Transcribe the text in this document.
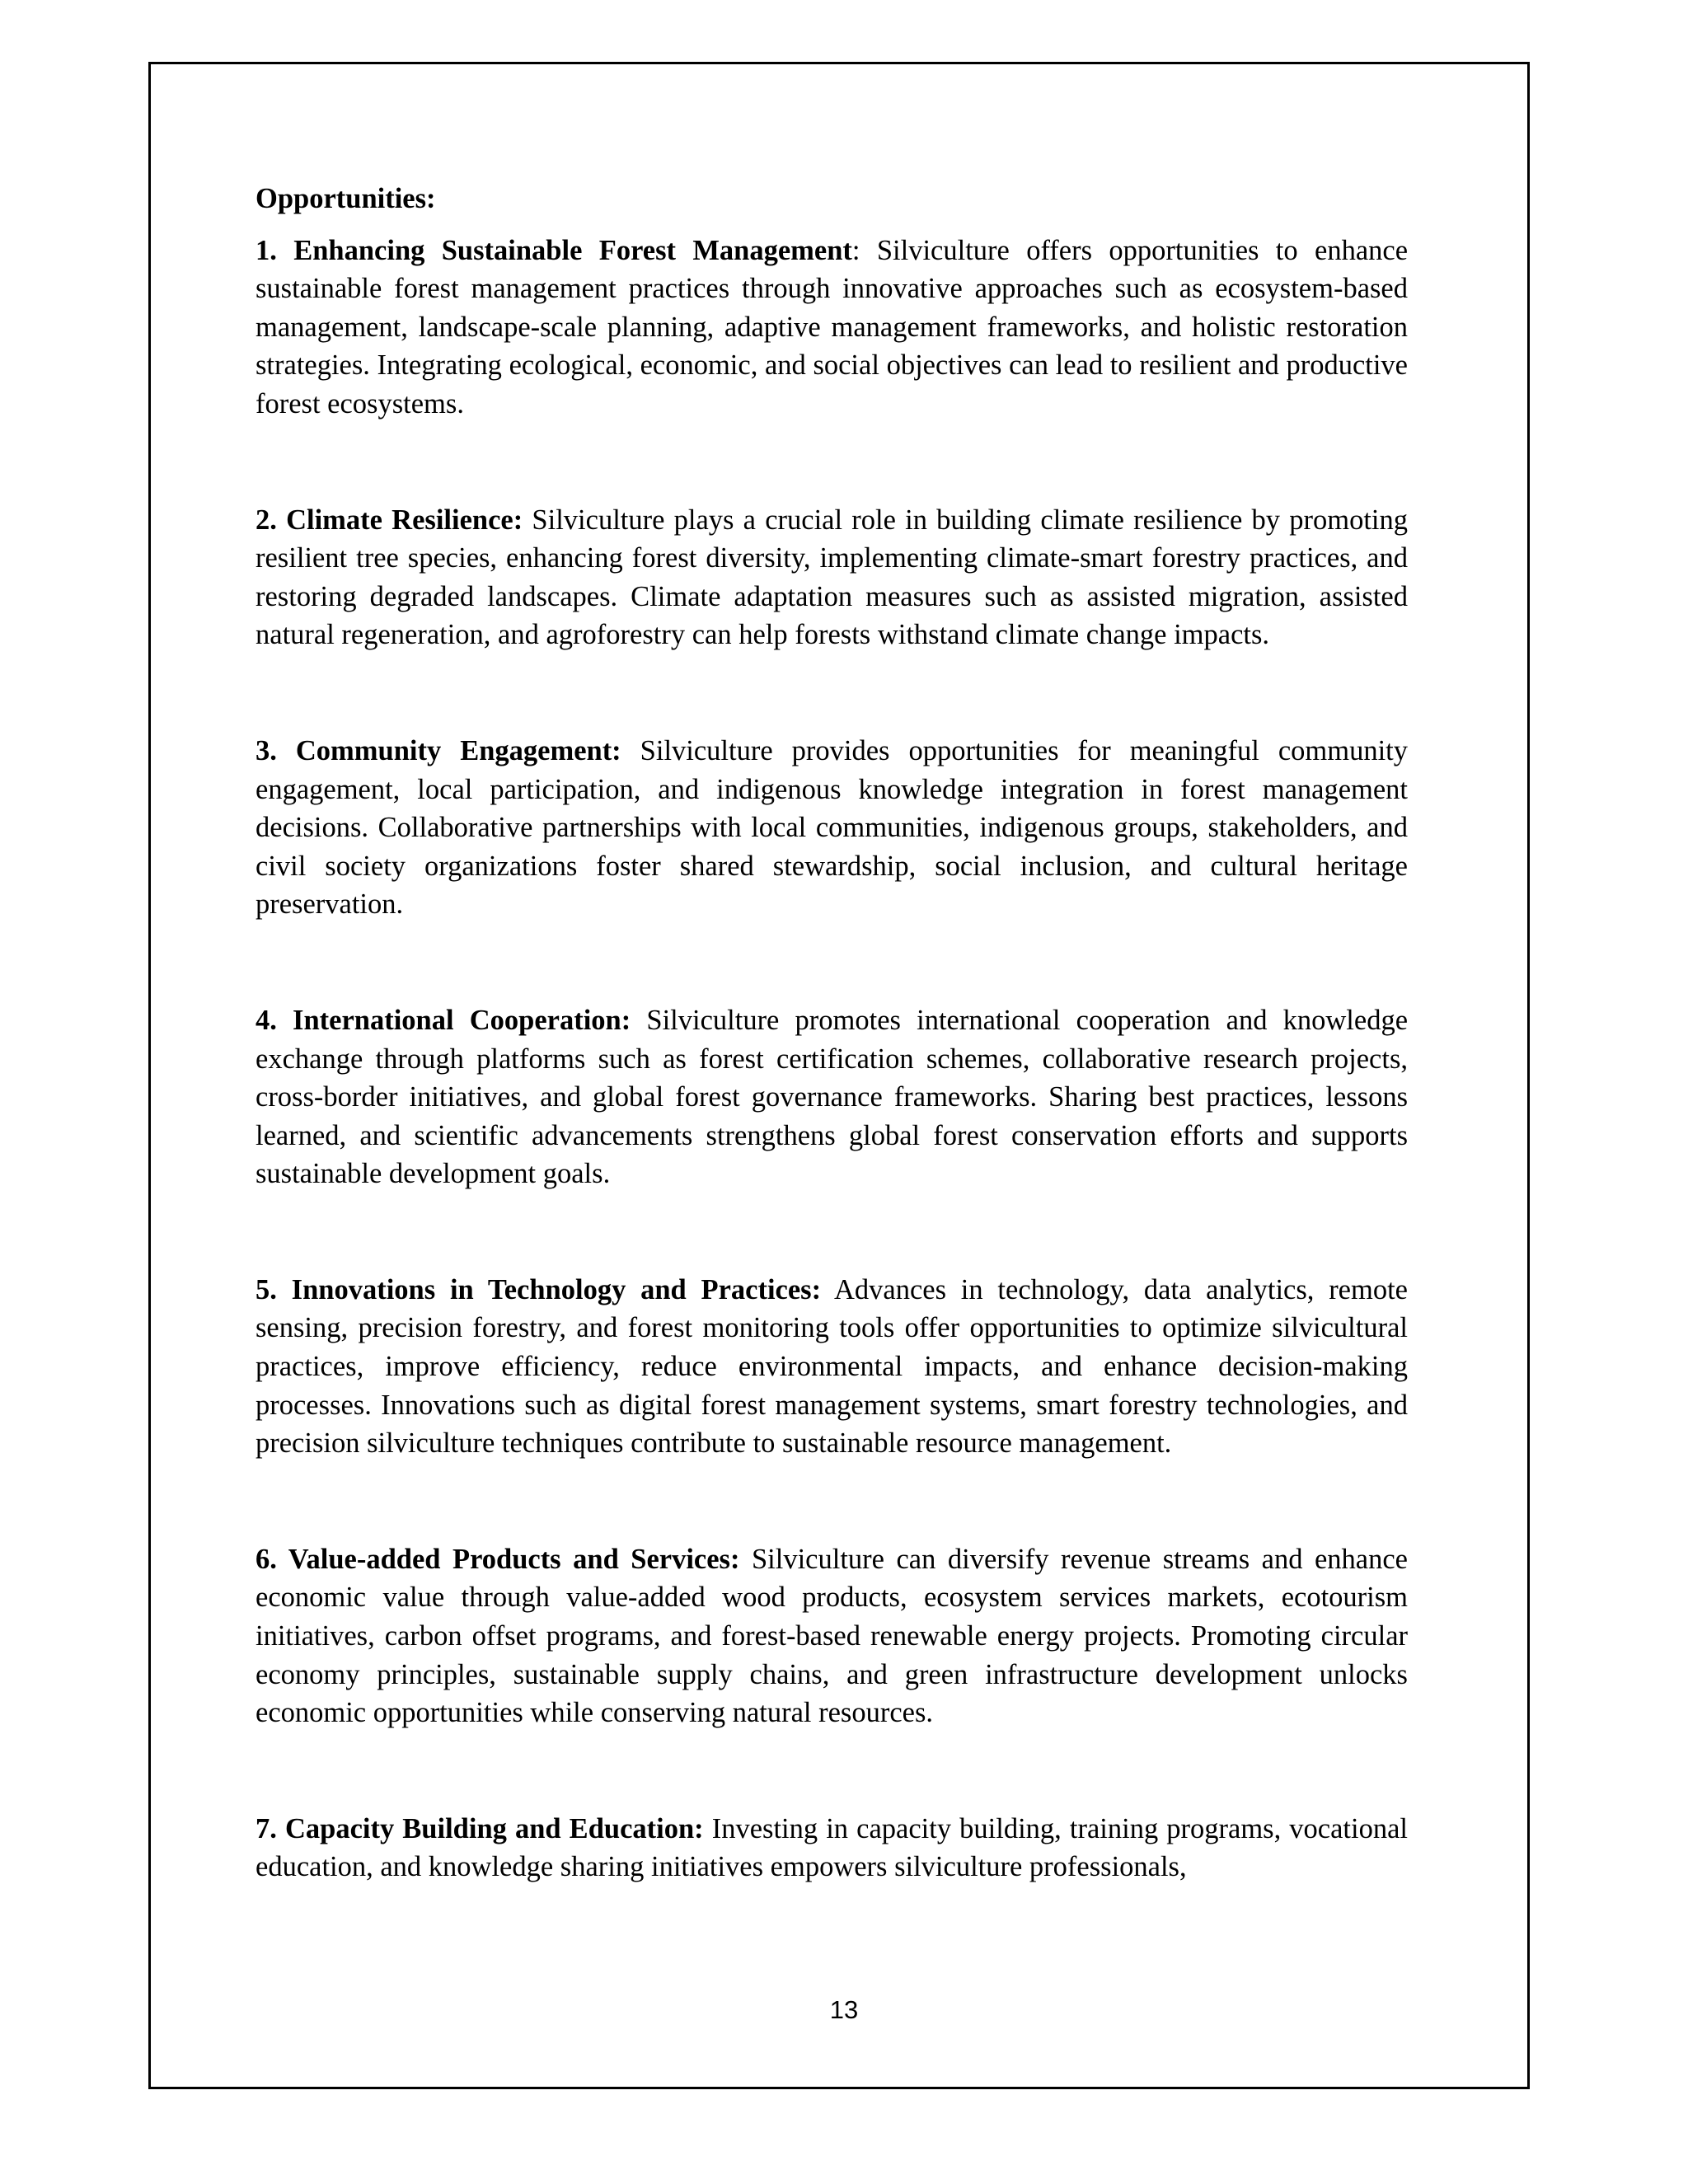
Opportunities:

1. Enhancing Sustainable Forest Management: Silviculture offers opportunities to enhance sustainable forest management practices through innovative approaches such as ecosystem-based management, landscape-scale planning, adaptive management frameworks, and holistic restoration strategies. Integrating ecological, economic, and social objectives can lead to resilient and productive forest ecosystems.

2. Climate Resilience: Silviculture plays a crucial role in building climate resilience by promoting resilient tree species, enhancing forest diversity, implementing climate-smart forestry practices, and restoring degraded landscapes. Climate adaptation measures such as assisted migration, assisted natural regeneration, and agroforestry can help forests withstand climate change impacts.

3. Community Engagement: Silviculture provides opportunities for meaningful community engagement, local participation, and indigenous knowledge integration in forest management decisions. Collaborative partnerships with local communities, indigenous groups, stakeholders, and civil society organizations foster shared stewardship, social inclusion, and cultural heritage preservation.

4. International Cooperation: Silviculture promotes international cooperation and knowledge exchange through platforms such as forest certification schemes, collaborative research projects, cross-border initiatives, and global forest governance frameworks. Sharing best practices, lessons learned, and scientific advancements strengthens global forest conservation efforts and supports sustainable development goals.

5. Innovations in Technology and Practices: Advances in technology, data analytics, remote sensing, precision forestry, and forest monitoring tools offer opportunities to optimize silvicultural practices, improve efficiency, reduce environmental impacts, and enhance decision-making processes. Innovations such as digital forest management systems, smart forestry technologies, and precision silviculture techniques contribute to sustainable resource management.

6. Value-added Products and Services: Silviculture can diversify revenue streams and enhance economic value through value-added wood products, ecosystem services markets, ecotourism initiatives, carbon offset programs, and forest-based renewable energy projects. Promoting circular economy principles, sustainable supply chains, and green infrastructure development unlocks economic opportunities while conserving natural resources.

7. Capacity Building and Education: Investing in capacity building, training programs, vocational education, and knowledge sharing initiatives empowers silviculture professionals,

13
